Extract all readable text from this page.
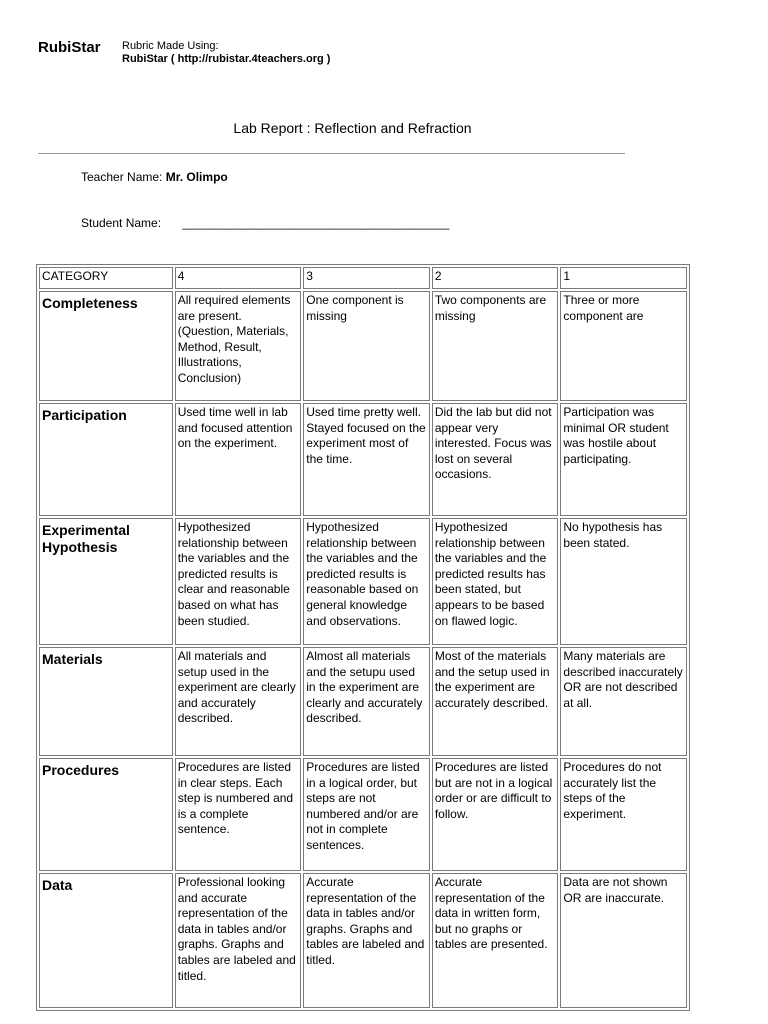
RubiStar Rubric Made Using:
RubiStar ( http://rubistar.4teachers.org )
Lab Report : Reflection and Refraction
Teacher Name: Mr. Olimpo
Student Name: ________________________________________
CATEGORY	4	3	2	1
Completeness	All required elements are present. (Question, Materials, Method, Result, Illustrations, Conclusion)	One component is missing	Two components are missing	Three or more component are
Participation	Used time well in lab and focused attention on the experiment.	Used time pretty well. Stayed focused on the experiment most of the time.	Did the lab but did not appear very interested. Focus was lost on several occasions.	Participation was minimal OR student was hostile about participating.
Experimental Hypothesis	Hypothesized relationship between the variables and the predicted results is clear and reasonable based on what has been studied.	Hypothesized relationship between the variables and the predicted results is reasonable based on general knowledge and observations.	Hypothesized relationship between the variables and the predicted results has been stated, but appears to be based on flawed logic.	No hypothesis has been stated.
Materials	All materials and setup used in the experiment are clearly and accurately described.	Almost all materials and the setupu used in the experiment are clearly and accurately described.	Most of the materials and the setup used in the experiment are accurately described.	Many materials are described inaccurately OR are not described at all.
Procedures	Procedures are listed in clear steps. Each step is numbered and is a complete sentence.	Procedures are listed in a logical order, but steps are not numbered and/or are not in complete sentences.	Procedures are listed but are not in a logical order or are difficult to follow.	Procedures do not accurately list the steps of the experiment.
Data	Professional looking and accurate representation of the data in tables and/or graphs. Graphs and tables are labeled and titled.	Accurate representation of the data in tables and/or graphs. Graphs and tables are labeled and titled.	Accurate representation of the data in written form, but no graphs or tables are presented.	Data are not shown OR are inaccurate.
